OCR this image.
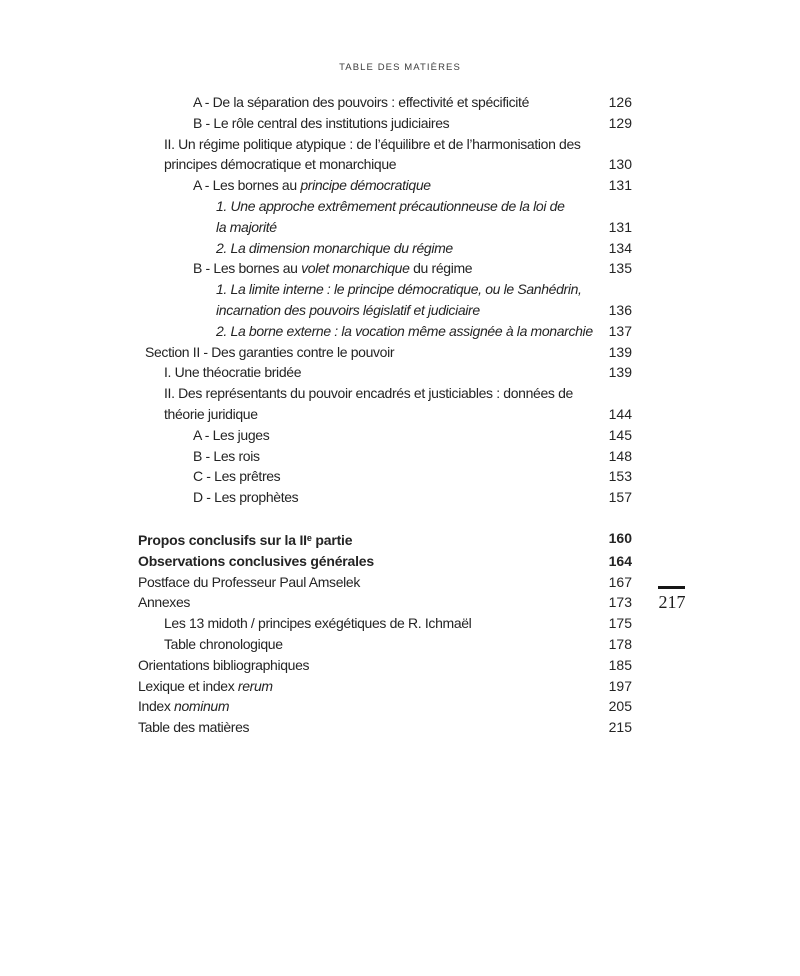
TABLE DES MATIÈRES
A - De la séparation des pouvoirs : effectivité et spécificité	126
B - Le rôle central des institutions judiciaires	129
II. Un régime politique atypique : de l’équilibre et de l’harmonisation des
principes démocratique et monarchique	130
A - Les bornes au principe démocratique	131
1. Une approche extrêmement précautionneuse de la loi de
la majorité	131
2. La dimension monarchique du régime	134
B - Les bornes au volet monarchique du régime	135
1. La limite interne : le principe démocratique, ou le Sanhédrin,
incarnation des pouvoirs législatif et judiciaire	136
2. La borne externe : la vocation même assignée à la monarchie	137
Section II - Des garanties contre le pouvoir	139
I. Une théocratie bridée	139
II. Des représentants du pouvoir encadrés et justiciables : données de
théorie juridique	144
A - Les juges	145
B - Les rois	148
C - Les prêtres	153
D - Les prophètes	157
Propos conclusifs sur la IIe partie	160
Observations conclusives générales	164
Postface du Professeur Paul Amselek	167
Annexes	173
Les 13 midoth / principes exégétiques de R. Ichmaël	175
Table chronologique	178
Orientations bibliographiques	185
Lexique et index rerum	197
Index nominum	205
Table des matières	215
217
